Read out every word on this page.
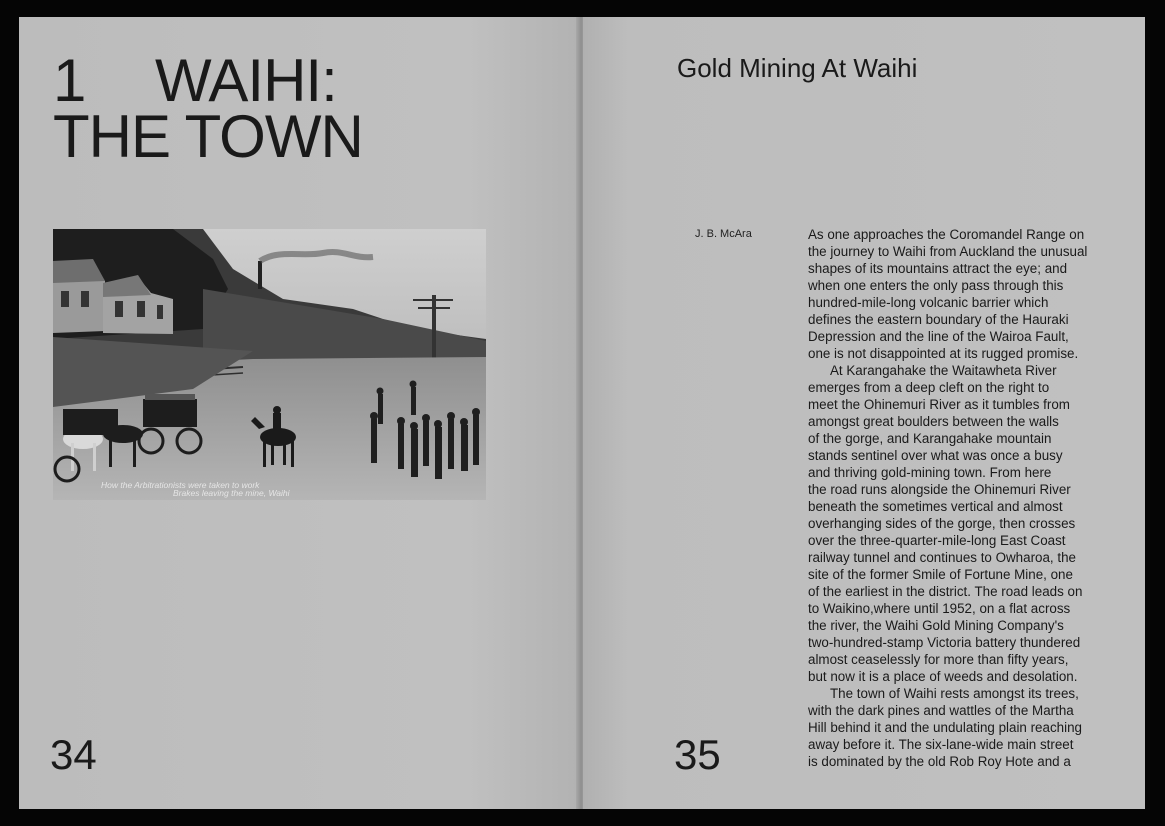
1 WAIHI:
THE TOWN
How the Arbitrationists were taken to work
Brakes leaving the mine, Waihi
34
Gold Mining At Waihi
J. B. McAra	As one approaches the Coromandel Range on
the journey to Waihi from Auckland the unusual
shapes of its mountains attract the eye; and
when one enters the only pass through this
hundred-mile-long volcanic barrier which
defines the eastern boundary of the Hauraki
Depression and the line of the Wairoa Fault,
one is not disappointed at its rugged promise.
At Karangahake the Waitawheta River
emerges from a deep cleft on the right to
meet the Ohinemuri River as it tumbles from
amongst great boulders between the walls
of the gorge, and Karangahake mountain
stands sentinel over what was once a busy
and thriving gold-mining town. From here
the road runs alongside the Ohinemuri River
beneath the sometimes vertical and almost
overhanging sides of the gorge, then crosses
over the three-quarter-mile-long East Coast
railway tunnel and continues to Owharoa, the
site of the former Smile of Fortune Mine, one
of the earliest in the district. The road leads on
to Waikino,where until 1952, on a flat across
the river, the Waihi Gold Mining Company's
two-hundred-stamp Victoria battery thundered
almost ceaselessly for more than fifty years,
but now it is a place of weeds and desolation.
The town of Waihi rests amongst its trees,
with the dark pines and wattles of the Martha
Hill behind it and the undulating plain reaching
away before it. The six-lane-wide main street
is dominated by the old Rob Roy Hote and a
35
